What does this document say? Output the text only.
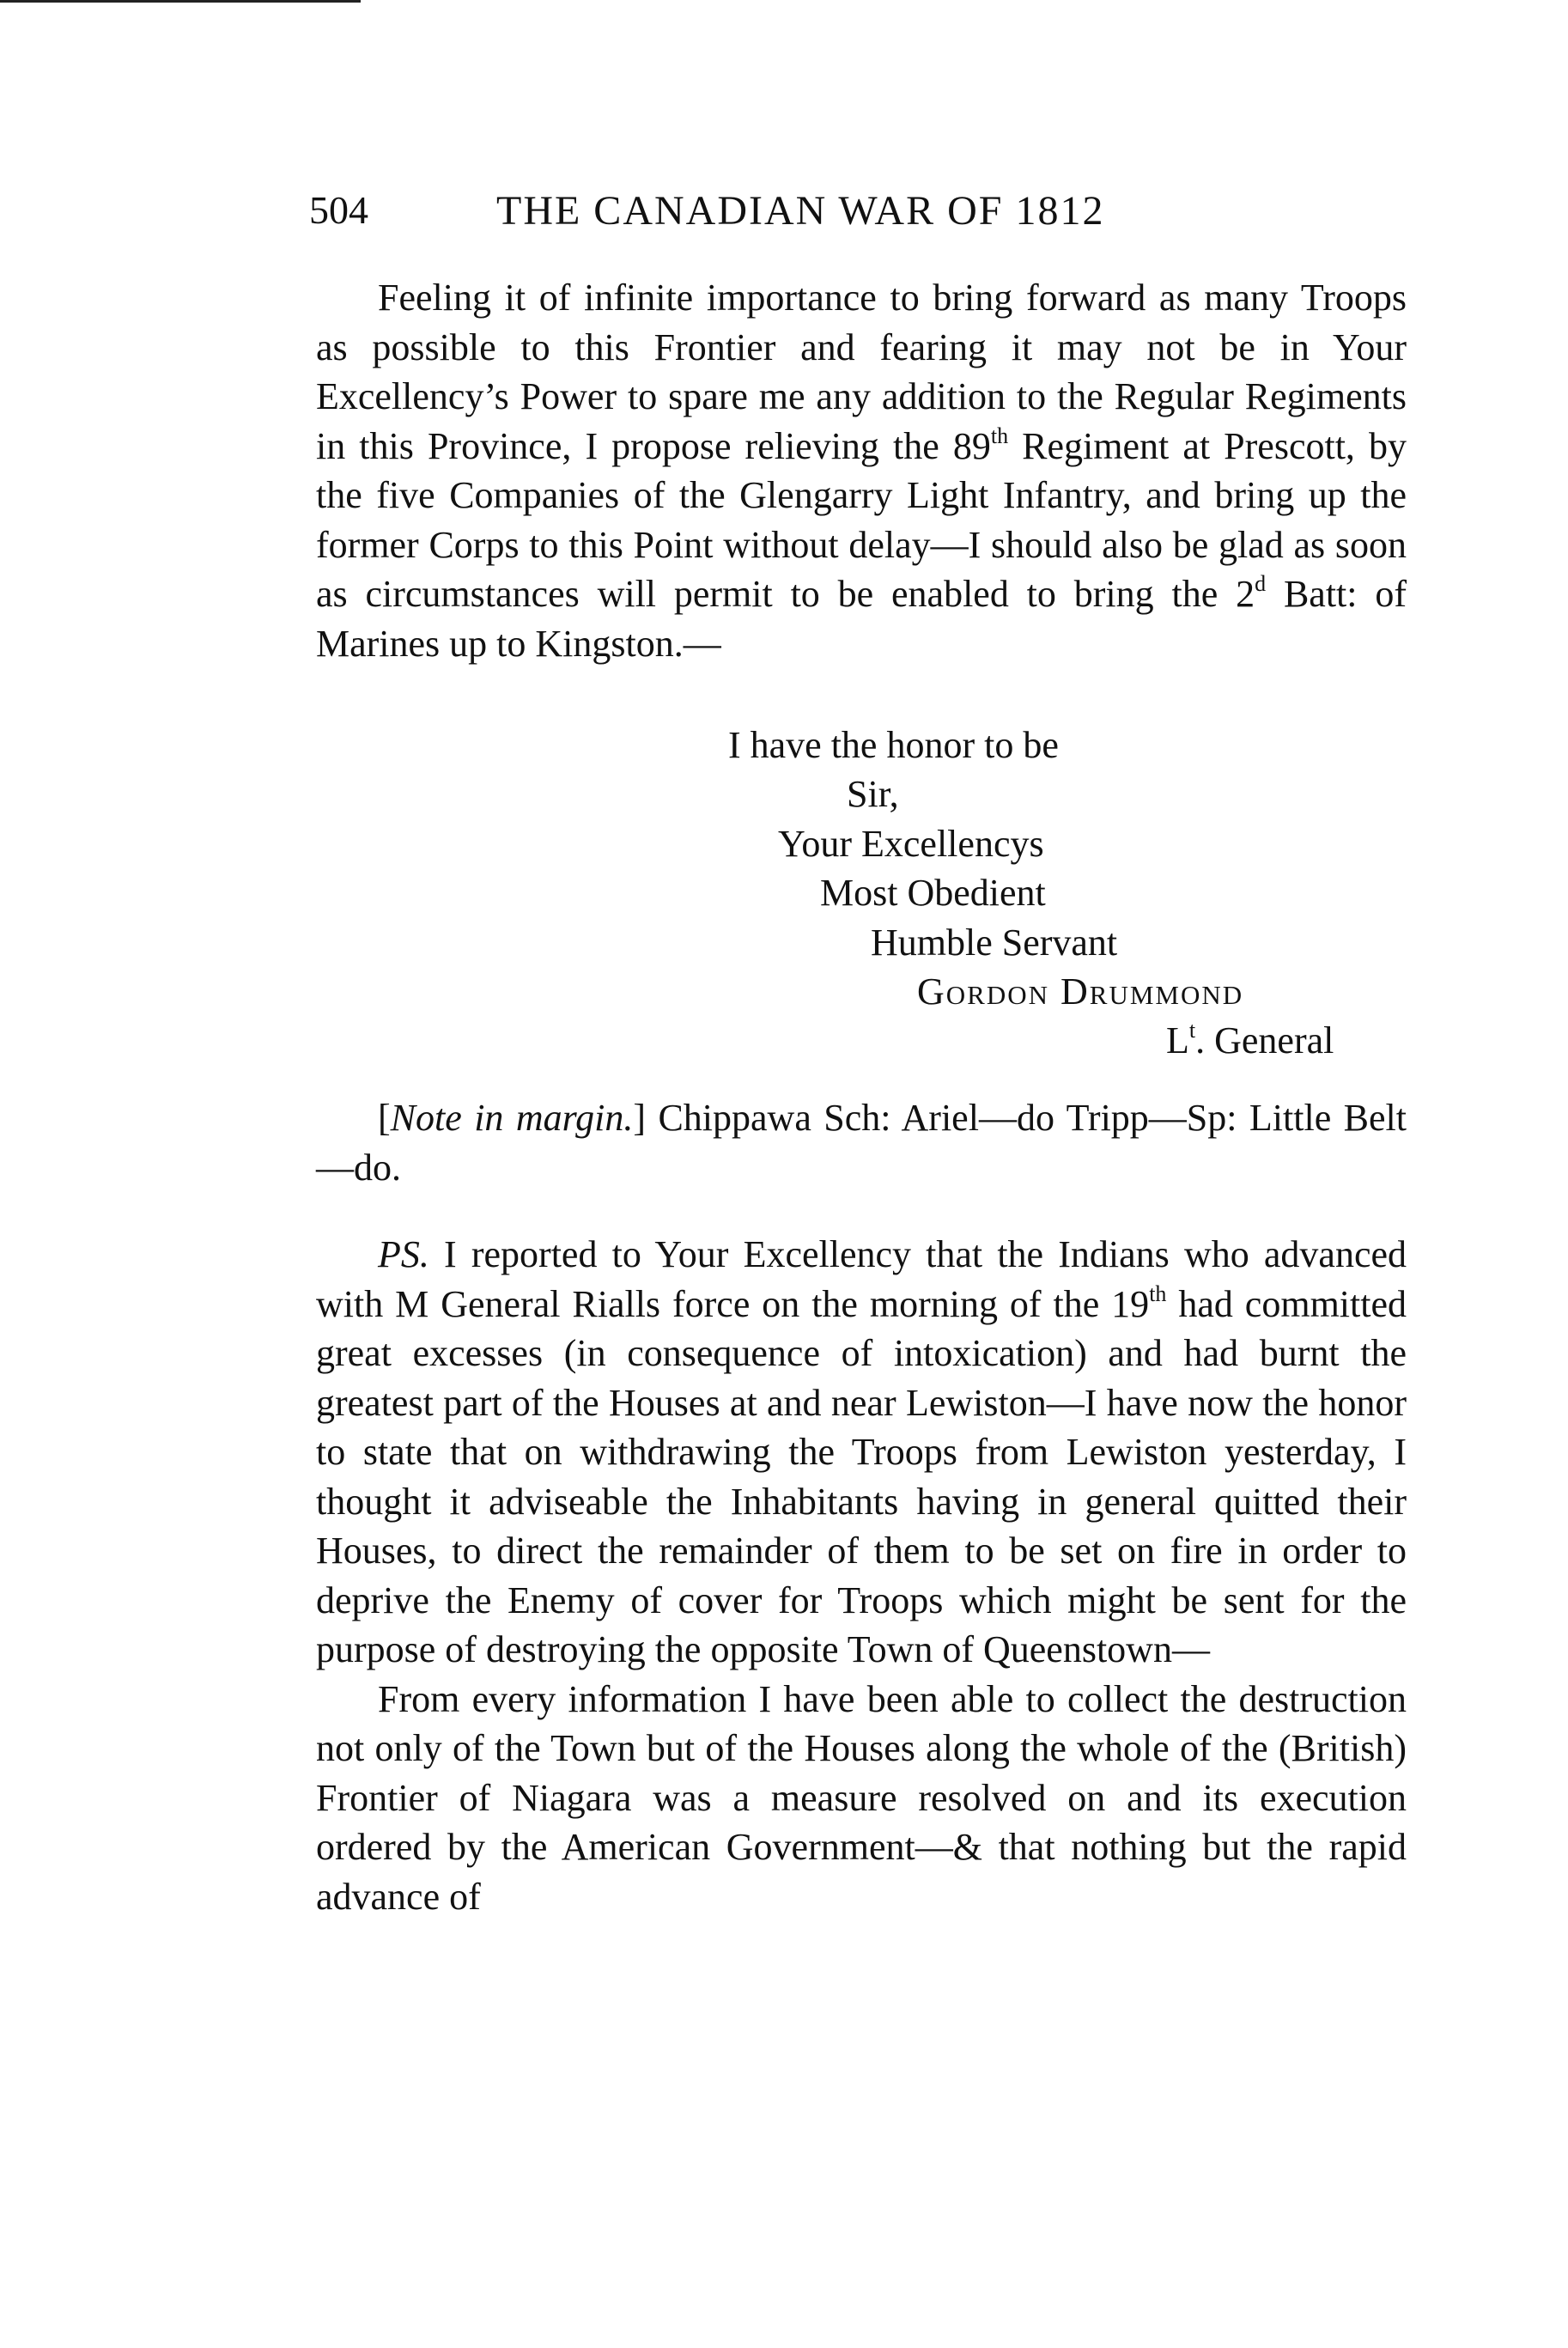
504	THE CANADIAN WAR OF 1812

Feeling it of infinite importance to bring forward as many Troops as possible to this Frontier and fearing it may not be in Your Excellency’s Power to spare me any addition to the Regular Regiments in this Province, I propose relieving the 89th Regiment at Prescott, by the five Companies of the Glengarry Light Infantry, and bring up the former Corps to this Point without delay—I should also be glad as soon as circumstances will permit to be enabled to bring the 2$^d$ Batt: of Marines up to Kingston.—

I have the honor to be
Sir,
Your Excellencys
Most Obedient
Humble Servant
Gordon Drummond
$L^t$. General

[Note in margin.] Chippawa Sch: Ariel—do Tripp—Sp: Little Belt—do.

PS. I reported to Your Excellency that the Indians who advanced with M General Rialls force on the morning of the 19th had committed great excesses (in consequence of intoxication) and had burnt the greatest part of the Houses at and near Lewiston—I have now the honor to state that on withdrawing the Troops from Lewiston yesterday, I thought it adviseable the Inhabitants having in general quitted their Houses, to direct the remainder of them to be set on fire in order to deprive the Enemy of cover for Troops which might be sent for the purpose of destroying the opposite Town of Queenstown—

From every information I have been able to collect the destruction not only of the Town but of the Houses along the whole of the (British) Frontier of Niagara was a measure resolved on and its execution ordered by the American Government—& that nothing but the rapid advance of
